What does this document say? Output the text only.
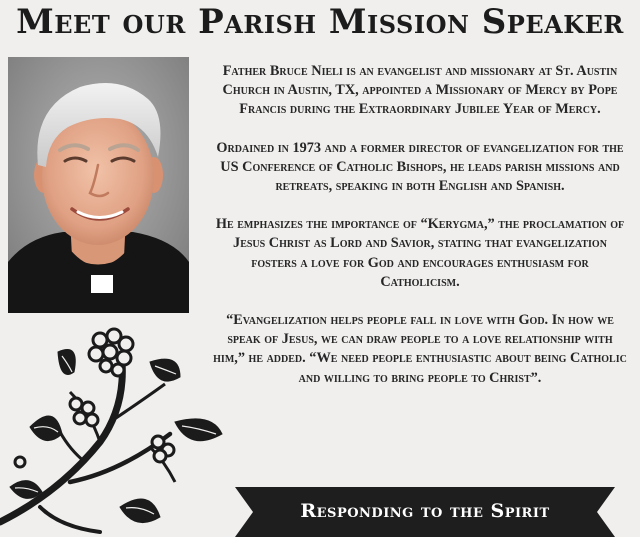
Meet our Parish Mission Speaker

Father Bruce Nieli is an evangelist and missionary at St. Austin Church in Austin, TX, appointed a Missionary of Mercy by Pope Francis during the Extraordinary Jubilee Year of Mercy.

Ordained in 1973 and a former director of evangelization for the US Conference of Catholic Bishops, he leads parish missions and retreats, speaking in both English and Spanish.

He emphasizes the importance of “Kerygma,” the proclamation of Jesus Christ as Lord and Savior, stating that evangelization fosters a love for God and encourages enthusiasm for Catholicism.

“Evangelization helps people fall in love with God. In how we speak of Jesus, we can draw people to a love relationship with him,” he added. “We need people enthusiastic about being Catholic and willing to bring people to Christ”.

Responding to the Spirit
